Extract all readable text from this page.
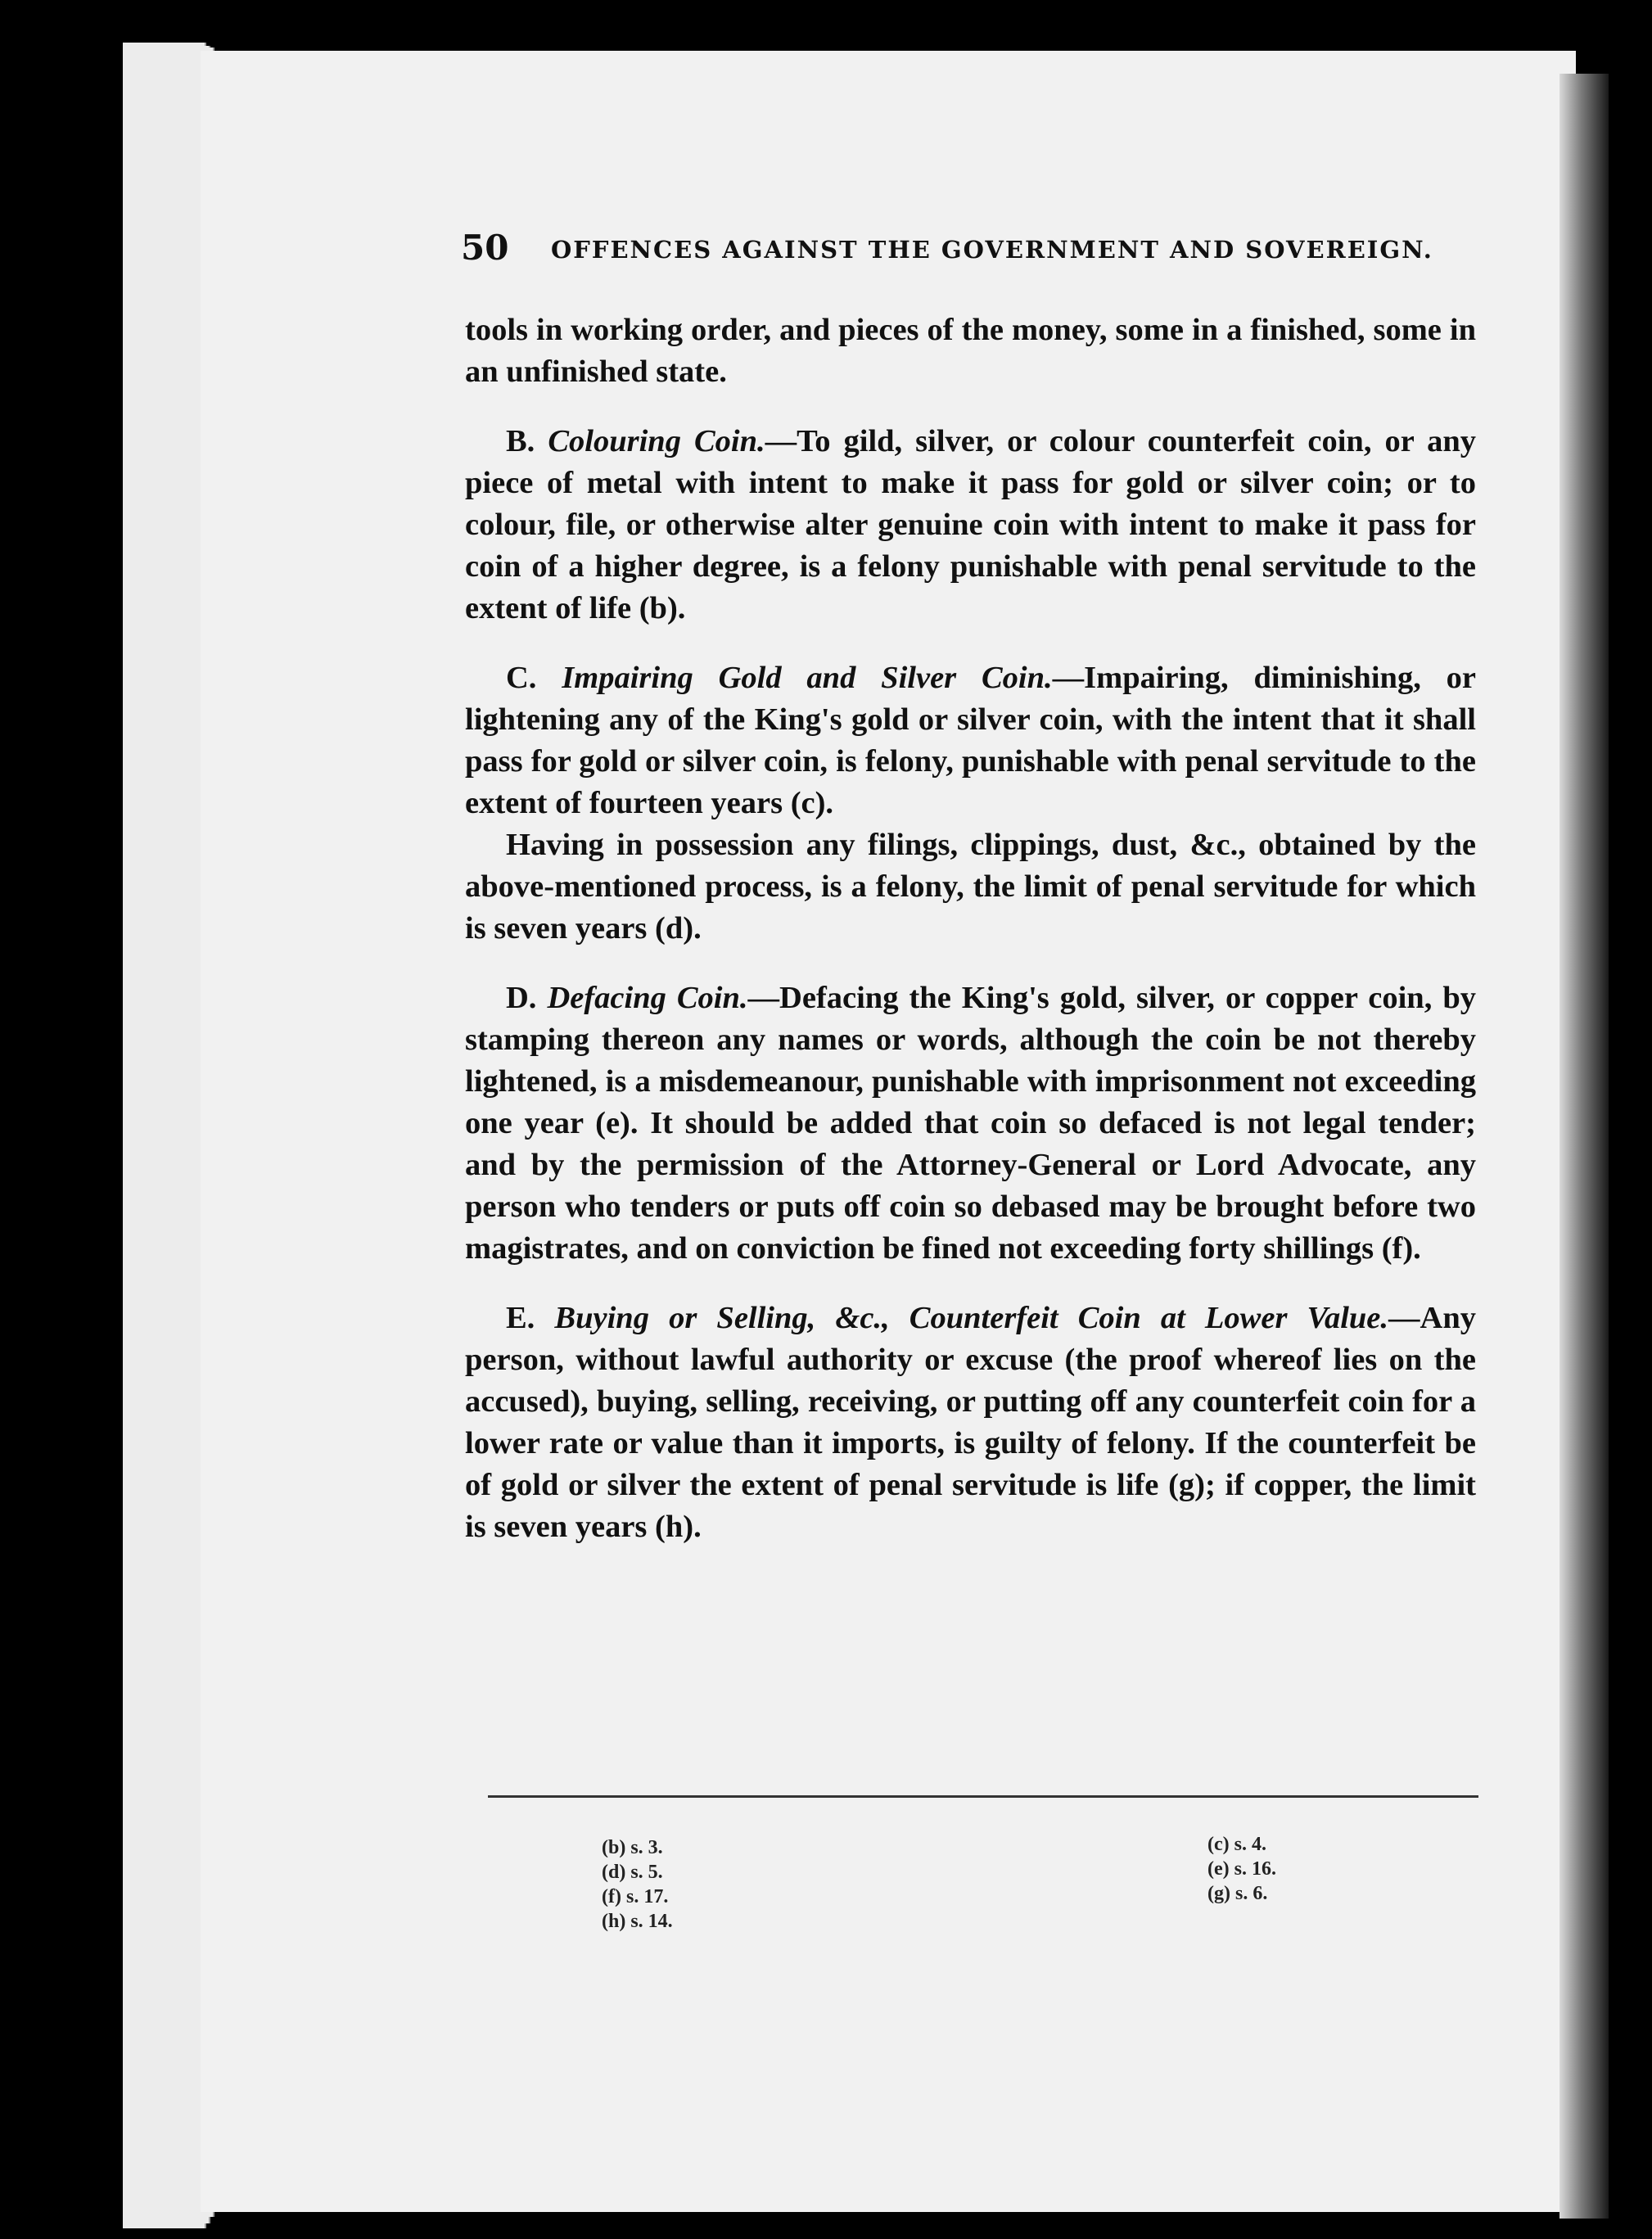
50 OFFENCES AGAINST THE GOVERNMENT AND SOVEREIGN.

tools in working order, and pieces of the money, some in a finished, some in an unfinished state.

B. Colouring Coin.—To gild, silver, or colour counterfeit coin, or any piece of metal with intent to make it pass for gold or silver coin; or to colour, file, or otherwise alter genuine coin with intent to make it pass for coin of a higher degree, is a felony punishable with penal servitude to the extent of life (b).

C. Impairing Gold and Silver Coin.—Impairing, diminishing, or lightening any of the King's gold or silver coin, with the intent that it shall pass for gold or silver coin, is felony, punishable with penal servitude to the extent of fourteen years (c).

Having in possession any filings, clippings, dust, &c., obtained by the above-mentioned process, is a felony, the limit of penal servitude for which is seven years (d).

D. Defacing Coin.—Defacing the King's gold, silver, or copper coin, by stamping thereon any names or words, although the coin be not thereby lightened, is a misdemeanour, punishable with imprisonment not exceeding one year (e). It should be added that coin so defaced is not legal tender; and by the permission of the Attorney-General or Lord Advocate, any person who tenders or puts off coin so debased may be brought before two magistrates, and on conviction be fined not exceeding forty shillings (f).

E. Buying or Selling, &c., Counterfeit Coin at Lower Value.—Any person, without lawful authority or excuse (the proof whereof lies on the accused), buying, selling, receiving, or putting off any counterfeit coin for a lower rate or value than it imports, is guilty of felony. If the counterfeit be of gold or silver the extent of penal servitude is life (g); if copper, the limit is seven years (h).

(b) s. 3.
(d) s. 5.
(f) s. 17.
(h) s. 14.
(c) s. 4.
(e) s. 16.
(g) s. 6.
